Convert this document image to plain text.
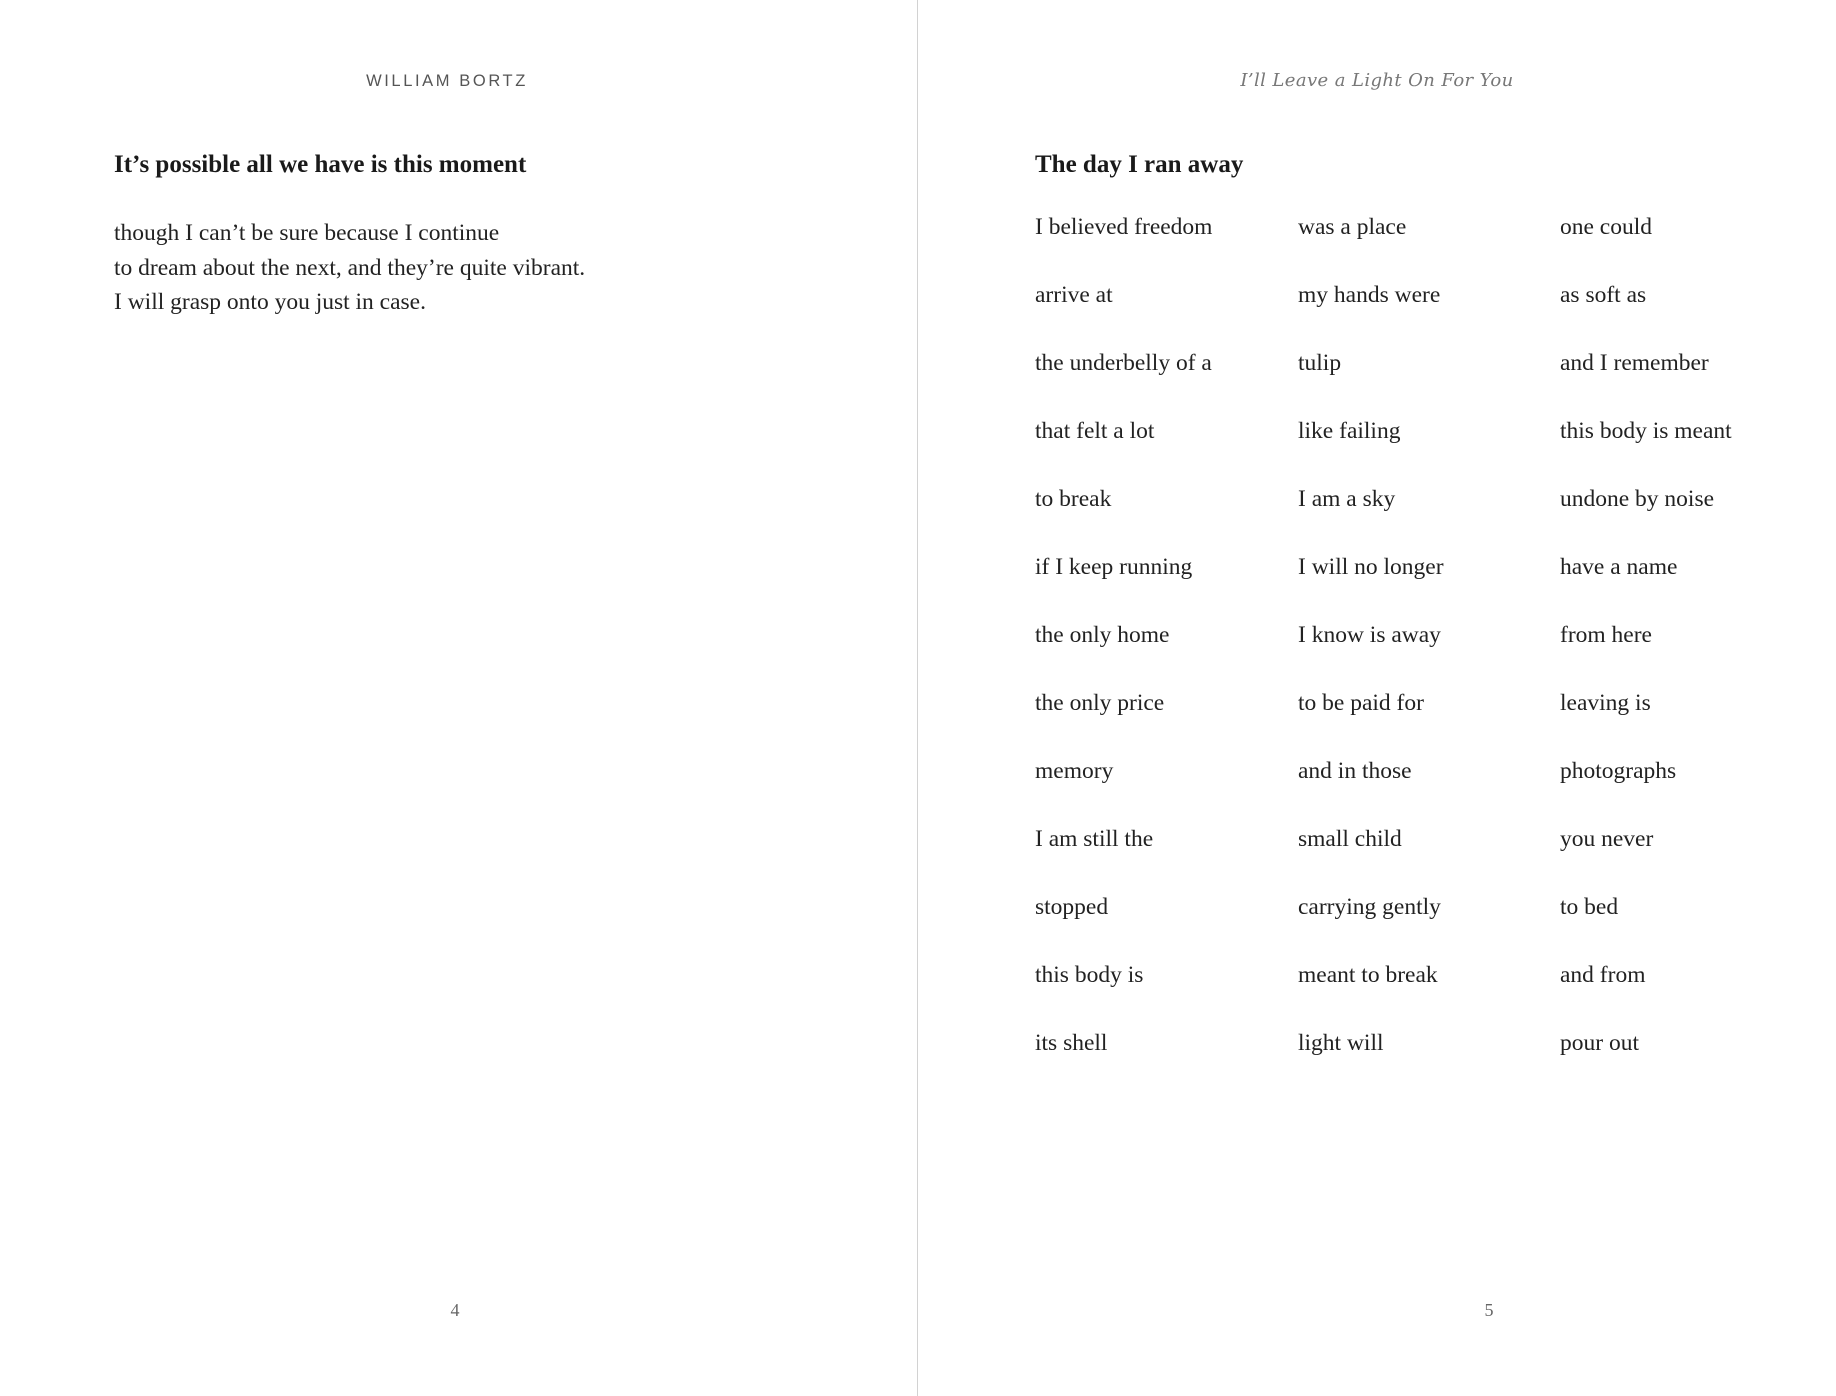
WILLIAM BORTZ
It’s possible all we have is this moment
though I can’t be sure because I continue
to dream about the next, and they’re quite vibrant.
I will grasp onto you just in case.
4
I’ll Leave a Light On For You
The day I ran away
I believed freedom	was a place	one could
arrive at	my hands were	as soft as
the underbelly of a	tulip	and I remember
that felt a lot	like failing	this body is meant
to break	I am a sky	undone by noise
if I keep running	I will no longer	have a name
the only home	I know is away	from here
the only price	to be paid for	leaving is
memory	and in those	photographs
I am still the	small child	you never
stopped	carrying gently	to bed
this body is	meant to break	and from
its shell	light will	pour out
5
